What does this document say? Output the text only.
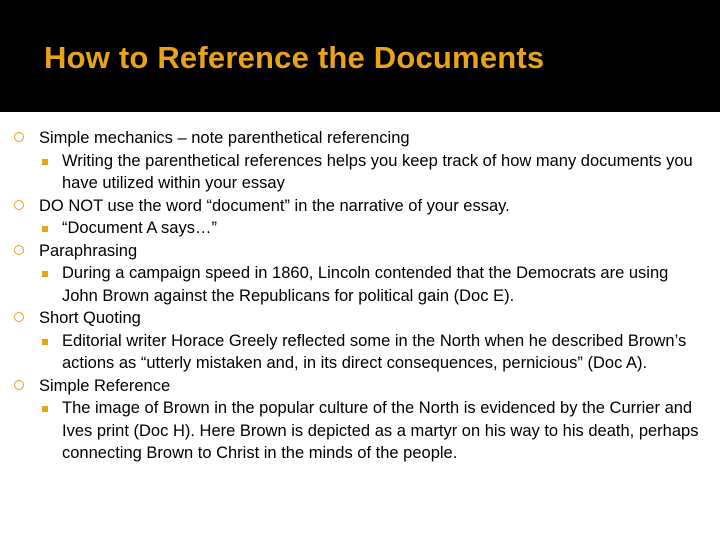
How to Reference the Documents
Simple mechanics – note parenthetical referencing
Writing the parenthetical references helps you keep track of how many documents you have utilized within your essay
DO NOT use the word “document” in the narrative of your essay.
“Document A says…”
Paraphrasing
During a campaign speed in 1860, Lincoln contended that the Democrats are using John Brown against the Republicans for political gain (Doc E).
Short Quoting
Editorial writer Horace Greely reflected some in the North when he described Brown’s actions as “utterly mistaken and, in its direct consequences, pernicious” (Doc A).
Simple Reference
The image of Brown in the popular culture of the North is evidenced by the Currier and Ives print (Doc H). Here Brown is depicted as a martyr on his way to his death, perhaps connecting Brown to Christ in the minds of the people.
